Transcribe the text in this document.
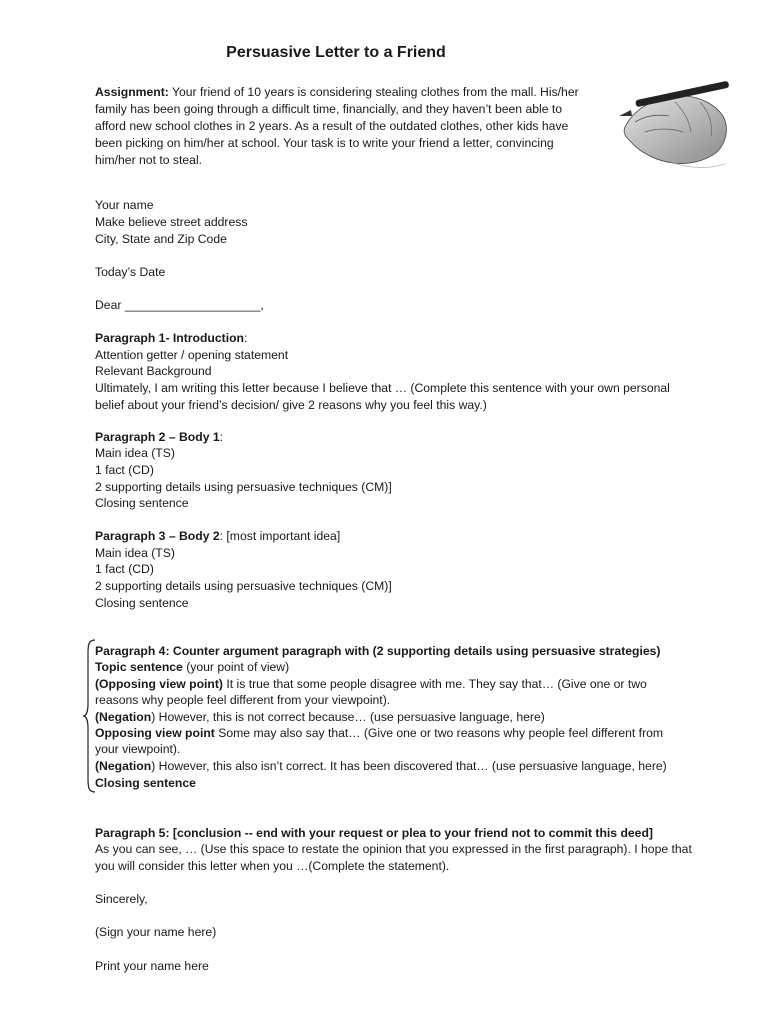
Persuasive Letter to a Friend
Assignment: Your friend of 10 years is considering stealing clothes from the mall. His/her family has been going through a difficult time, financially, and they haven’t been able to afford new school clothes in 2 years. As a result of the outdated clothes, other kids have been picking on him/her at school. Your task is to write your friend a letter, convincing him/her not to steal.
Your name
Make believe street address
City, State and Zip Code
Today’s Date
Dear ____________________,
Paragraph 1- Introduction:
Attention getter / opening statement
Relevant Background
Ultimately, I am writing this letter because I believe that … (Complete this sentence with your own personal
belief about your friend’s decision/ give 2 reasons why you feel this way.)
Paragraph 2 – Body 1:
Main idea (TS)
1 fact (CD)
2 supporting details using persuasive techniques (CM)]
Closing sentence
Paragraph 3 – Body 2: [most important idea]
Main idea (TS)
1 fact (CD)
2 supporting details using persuasive techniques (CM)]
Closing sentence
Paragraph 4: Counter argument paragraph with (2 supporting details using persuasive strategies)
Topic sentence (your point of view)
(Opposing view point) It is true that some people disagree with me. They say that… (Give one or two
reasons why people feel different from your viewpoint).
(Negation) However, this is not correct because… (use persuasive language, here)
Opposing view point Some may also say that… (Give one or two reasons why people feel different from
your viewpoint).
(Negation) However, this also isn’t correct. It has been discovered that… (use persuasive language, here)
Closing sentence
Paragraph 5: [conclusion -- end with your request or plea to your friend not to commit this deed]
As you can see, … (Use this space to restate the opinion that you expressed in the first paragraph). I hope that
you will consider this letter when you …(Complete the statement).
Sincerely,
(Sign your name here)
Print your name here
